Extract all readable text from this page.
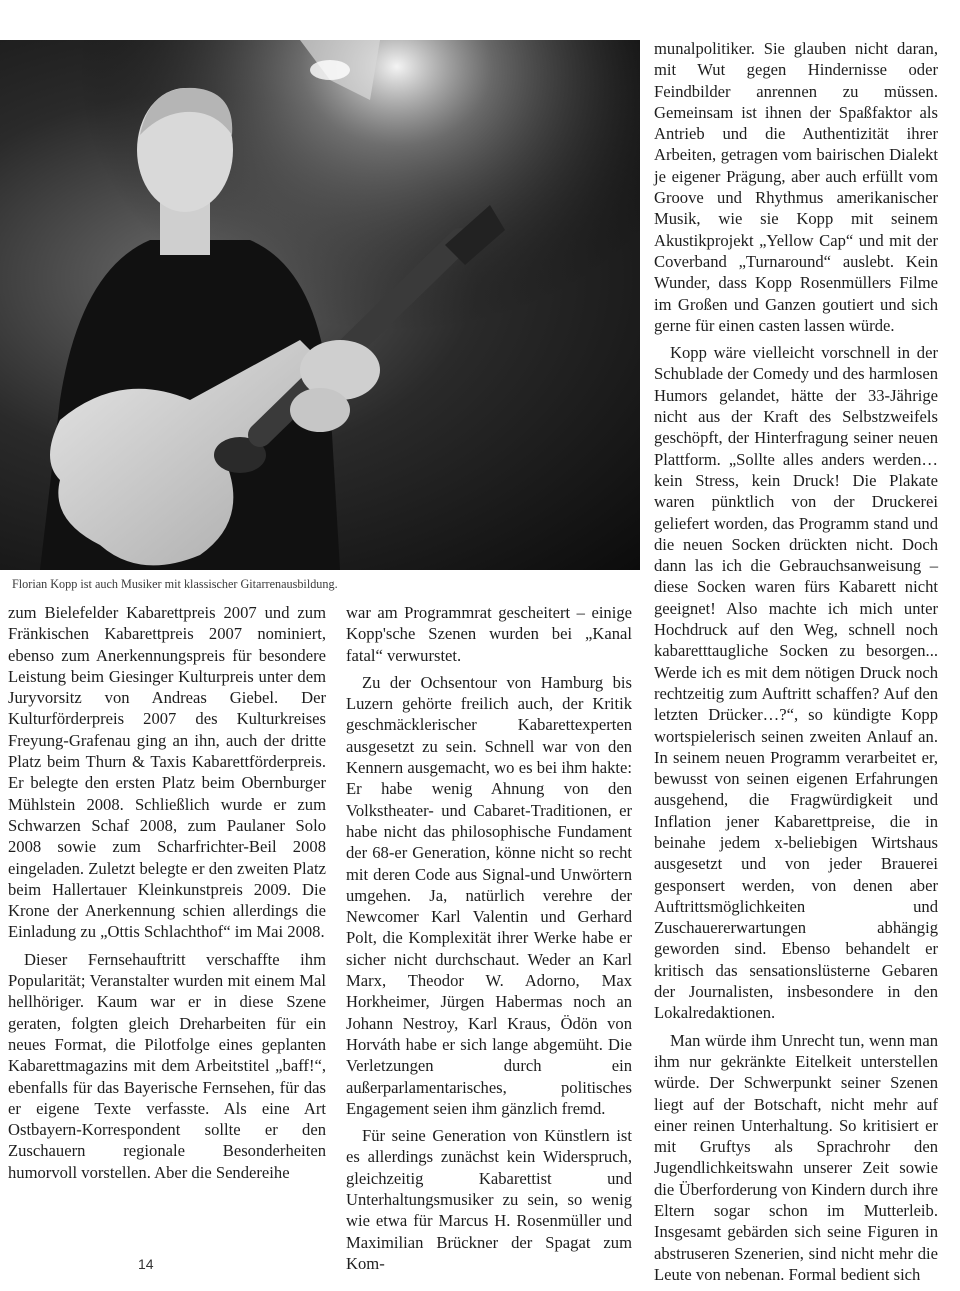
Florian Kopp ist auch Musiker mit klassischer Gitarrenausbildung.

zum Bielefelder Kabarettpreis 2007 und zum Fränkischen Kabarettpreis 2007 nominiert, ebenso zum Anerkennungspreis für besondere Leistung beim Giesinger Kulturpreis unter dem Juryvorsitz von Andreas Giebel. Der Kulturförderpreis 2007 des Kulturkreises Freyung-Grafenau ging an ihn, auch der dritte Platz beim Thurn & Taxis Kabarettförderpreis. Er belegte den ersten Platz beim Obernburger Mühlstein 2008. Schließlich wurde er zum Schwarzen Schaf 2008, zum Paulaner Solo 2008 sowie zum Scharfrichter-Beil 2008 eingeladen. Zuletzt belegte er den zweiten Platz beim Hallertauer Kleinkunstpreis 2009. Die Krone der Anerkennung schien allerdings die Einladung zu „Ottis Schlachthof“ im Mai 2008.

Dieser Fernsehauftritt verschaffte ihm Popularität; Veranstalter wurden mit einem Mal hellhöriger. Kaum war er in diese Szene geraten, folgten gleich Dreharbeiten für ein neues Format, die Pilotfolge eines geplanten Kabarettmagazins mit dem Arbeitstitel „baff!“, ebenfalls für das Bayerische Fernsehen, für das er eigene Texte verfasste. Als eine Art Ostbayern-Korrespondent sollte er den Zuschauern regionale Besonderheiten humorvoll vorstellen. Aber die Sendereihe

war am Programmrat gescheitert – einige Kopp'sche Szenen wurden bei „Kanal fatal“ verwurstet.

Zu der Ochsentour von Hamburg bis Luzern gehörte freilich auch, der Kritik geschmäcklerischer Kabarettexperten ausgesetzt zu sein. Schnell war von den Kennern ausgemacht, wo es bei ihm hakte: Er habe wenig Ahnung von den Volkstheater- und Cabaret-Traditionen, er habe nicht das philosophische Fundament der 68-er Generation, könne nicht so recht mit deren Code aus Signal-und Unwörtern umgehen. Ja, natürlich verehre der Newcomer Karl Valentin und Gerhard Polt, die Komplexität ihrer Werke habe er sicher nicht durchschaut. Weder an Karl Marx, Theodor W. Adorno, Max Horkheimer, Jürgen Habermas noch an Johann Nestroy, Karl Kraus, Ödön von Horváth habe er sich lange abgemüht. Die Verletzungen durch ein außerparlamentarisches, politisches Engagement seien ihm gänzlich fremd.

Für seine Generation von Künstlern ist es allerdings zunächst kein Widerspruch, gleichzeitig Kabarettist und Unterhaltungsmusiker zu sein, so wenig wie etwa für Marcus H. Rosenmüller und Maximilian Brückner der Spagat zum Kom-

munalpolitiker. Sie glauben nicht daran, mit Wut gegen Hindernisse oder Feindbilder anrennen zu müssen. Gemeinsam ist ihnen der Spaßfaktor als Antrieb und die Authentizität ihrer Arbeiten, getragen vom bairischen Dialekt je eigener Prägung, aber auch erfüllt vom Groove und Rhythmus amerikanischer Musik, wie sie Kopp mit seinem Akustikprojekt „Yellow Cap“ und mit der Coverband „Turnaround“ auslebt. Kein Wunder, dass Kopp Rosenmüllers Filme im Großen und Ganzen goutiert und sich gerne für einen casten lassen würde.

Kopp wäre vielleicht vorschnell in der Schublade der Comedy und des harmlosen Humors gelandet, hätte der 33-Jährige nicht aus der Kraft des Selbstzweifels geschöpft, der Hinterfragung seiner neuen Plattform. „Sollte alles anders werden… kein Stress, kein Druck! Die Plakate waren pünktlich von der Druckerei geliefert worden, das Programm stand und die neuen Socken drückten nicht. Doch dann las ich die Gebrauchsanweisung – diese Socken waren fürs Kabarett nicht geeignet! Also machte ich mich unter Hochdruck auf den Weg, schnell noch kabaretttaugliche Socken zu besorgen... Werde ich es mit dem nötigen Druck noch rechtzeitig zum Auftritt schaffen? Auf den letzten Drücker…?“, so kündigte Kopp wortspielerisch seinen zweiten Anlauf an. In seinem neuen Programm verarbeitet er, bewusst von seinen eigenen Erfahrungen ausgehend, die Fragwürdigkeit und Inflation jener Kabarettpreise, die in beinahe jedem x-beliebigen Wirtshaus ausgesetzt und von jeder Brauerei gesponsert werden, von denen aber Auftrittsmöglichkeiten und Zuschauererwartungen abhängig geworden sind. Ebenso behandelt er kritisch das sensationslüsterne Gebaren der Journalisten, insbesondere in den Lokalredaktionen.

Man würde ihm Unrecht tun, wenn man ihm nur gekränkte Eitelkeit unterstellen würde. Der Schwerpunkt seiner Szenen liegt auf der Botschaft, nicht mehr auf einer reinen Unterhaltung. So kritisiert er mit Gruftys als Sprachrohr den Jugendlichkeitswahn unserer Zeit sowie die Überforderung von Kindern durch ihre Eltern sogar schon im Mutterleib. Insgesamt gebärden sich seine Figuren in abstruseren Szenerien, sind nicht mehr die Leute von nebenan. Formal bedient sich

14
